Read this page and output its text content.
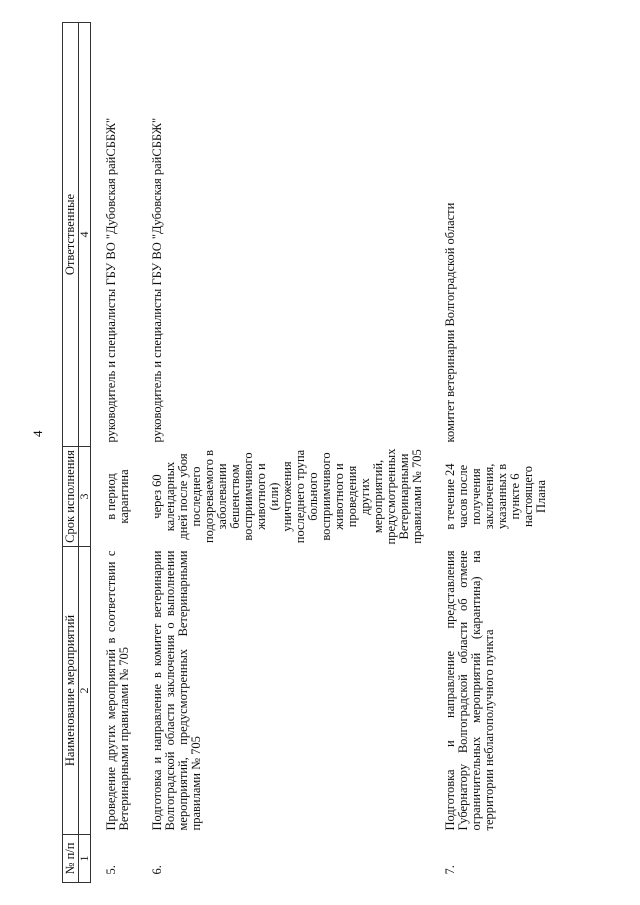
4
№ п/п	Наименование мероприятий	Срок исполнения	Ответственные
1	2	3	4
5.	Проведение других мероприятий в соответствии с Ветеринарными правилами № 705	в период карантина	руководитель и специалисты ГБУ ВО "Дубовская райСББЖ"
6.	Подготовка и направление в комитет ветеринарии Волгоградской области заключения о выполнении мероприятий, предусмотренных Ветеринарными правилами № 705	через 60 календарных дней после убоя последнего подозреваемого в заболевании бешенством восприимчивого животного и (или) уничтожения последнего трупа больного восприимчивого животного и проведения других мероприятий, предусмотренных Ветеринарными правилами № 705	руководитель и специалисты ГБУ ВО "Дубовская райСББЖ"
7.	Подготовка и направление представления Губернатору Волгоградской области об отмене ограничительных мероприятий (карантина) на территории неблагополучного пункта	в течение 24 часов после получения заключения, указанных в пункте 6 настоящего Плана	комитет ветеринарии Волгоградской области
